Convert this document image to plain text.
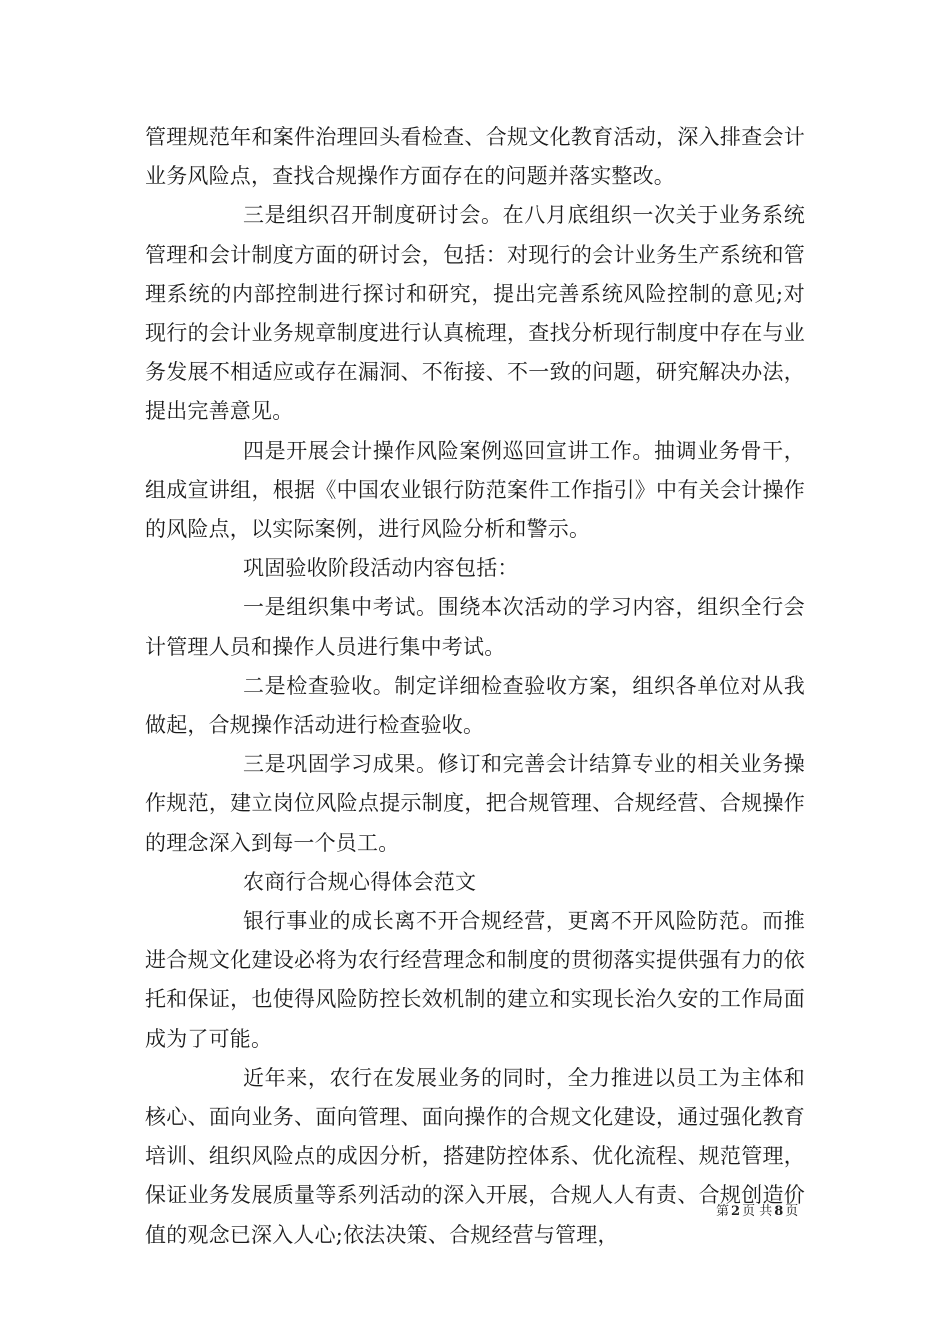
管理规范年和案件治理回头看检查、合规文化教育活动，深入排查会计业务风险点，查找合规操作方面存在的问题并落实整改。

三是组织召开制度研讨会。在八月底组织一次关于业务系统管理和会计制度方面的研讨会，包括：对现行的会计业务生产系统和管理系统的内部控制进行探讨和研究，提出完善系统风险控制的意见;对现行的会计业务规章制度进行认真梳理，查找分析现行制度中存在与业务发展不相适应或存在漏洞、不衔接、不一致的问题，研究解决办法，提出完善意见。

四是开展会计操作风险案例巡回宣讲工作。抽调业务骨干，组成宣讲组，根据《中国农业银行防范案件工作指引》中有关会计操作的风险点，以实际案例，进行风险分析和警示。

巩固验收阶段活动内容包括：

一是组织集中考试。围绕本次活动的学习内容，组织全行会计管理人员和操作人员进行集中考试。

二是检查验收。制定详细检查验收方案，组织各单位对从我做起，合规操作活动进行检查验收。

三是巩固学习成果。修订和完善会计结算专业的相关业务操作规范，建立岗位风险点提示制度，把合规管理、合规经营、合规操作的理念深入到每一个员工。

农商行合规心得体会范文

银行事业的成长离不开合规经营，更离不开风险防范。而推进合规文化建设必将为农行经营理念和制度的贯彻落实提供强有力的依托和保证，也使得风险防控长效机制的建立和实现长治久安的工作局面成为了可能。

近年来，农行在发展业务的同时，全力推进以员工为主体和核心、面向业务、面向管理、面向操作的合规文化建设，通过强化教育培训、组织风险点的成因分析，搭建防控体系、优化流程、规范管理，保证业务发展质量等系列活动的深入开展，合规人人有责、合规创造价值的观念已深入人心;依法决策、合规经营与管理，

第 2 页 共 8 页
